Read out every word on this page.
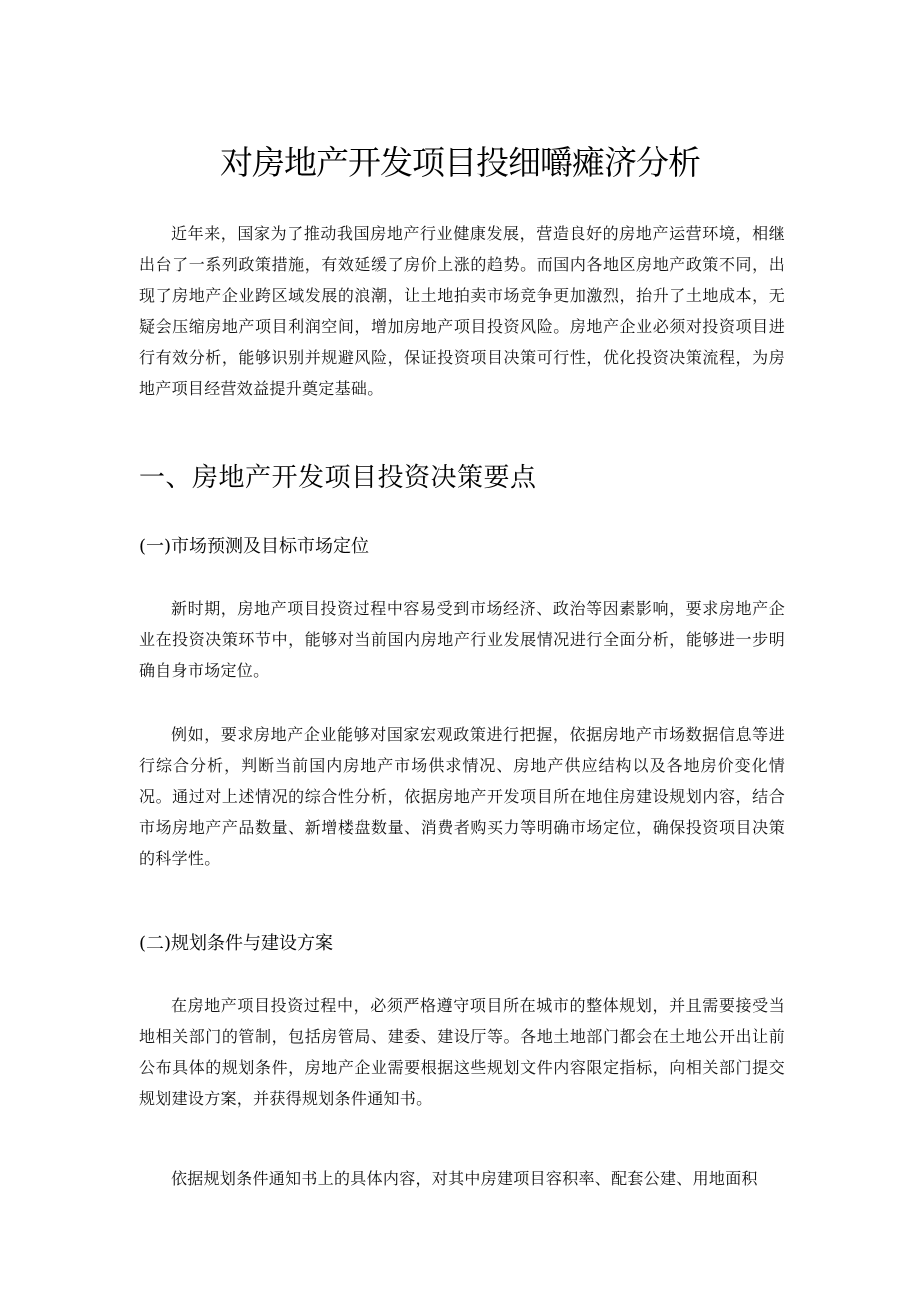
对房地产开发项目投细嚼瘫济分析

近年来，国家为了推动我国房地产行业健康发展，营造良好的房地产运营环境，相继出台了一系列政策措施，有效延缓了房价上涨的趋势。而国内各地区房地产政策不同，出现了房地产企业跨区域发展的浪潮，让土地拍卖市场竞争更加激烈，抬升了土地成本，无疑会压缩房地产项目利润空间，增加房地产项目投资风险。房地产企业必须对投资项目进行有效分析，能够识别并规避风险，保证投资项目决策可行性，优化投资决策流程，为房地产项目经营效益提升奠定基础。

一、房地产开发项目投资决策要点
(一)市场预测及目标市场定位

新时期，房地产项目投资过程中容易受到市场经济、政治等因素影响，要求房地产企业在投资决策环节中，能够对当前国内房地产行业发展情况进行全面分析，能够进一步明确自身市场定位。

例如，要求房地产企业能够对国家宏观政策进行把握，依据房地产市场数据信息等进行综合分析，判断当前国内房地产市场供求情况、房地产供应结构以及各地房价变化情况。通过对上述情况的综合性分析，依据房地产开发项目所在地住房建设规划内容，结合市场房地产产品数量、新增楼盘数量、消费者购买力等明确市场定位，确保投资项目决策的科学性。

(二)规划条件与建设方案

在房地产项目投资过程中，必须严格遵守项目所在城市的整体规划，并且需要接受当地相关部门的管制，包括房管局、建委、建设厅等。各地土地部门都会在土地公开出让前公布具体的规划条件，房地产企业需要根据这些规划文件内容限定指标，向相关部门提交规划建设方案，并获得规划条件通知书。

依据规划条件通知书上的具体内容，对其中房建项目容积率、配套公建、用地面积
